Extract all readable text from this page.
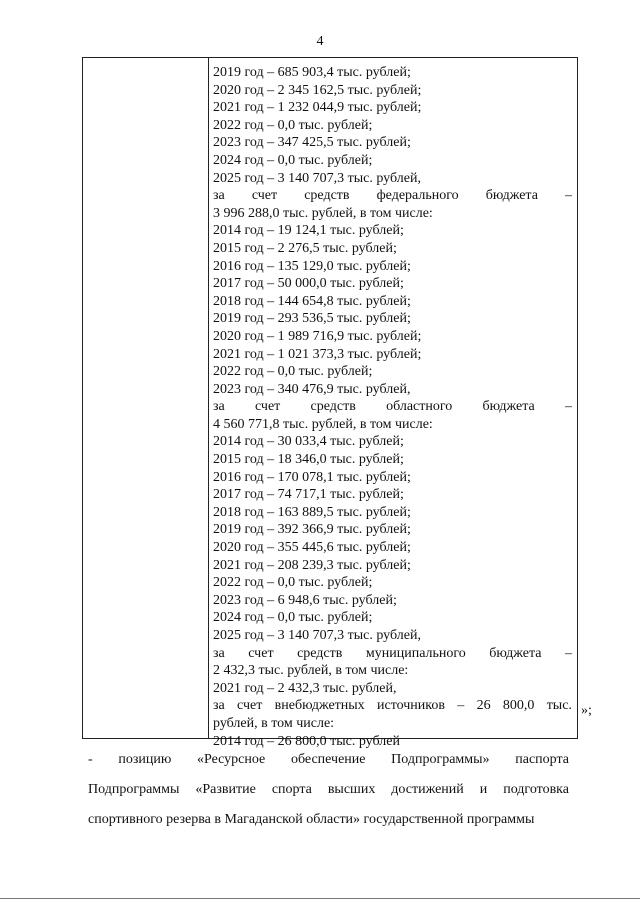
4
2019 год – 685 903,4 тыс. рублей;
2020 год – 2 345 162,5 тыс. рублей;
2021 год – 1 232 044,9 тыс. рублей;
2022 год – 0,0 тыс. рублей;
2023 год – 347 425,5 тыс. рублей;
2024 год – 0,0 тыс. рублей;
2025 год – 3 140 707,3 тыс. рублей,
за счет средств федерального бюджета –
3 996 288,0 тыс. рублей, в том числе:
2014 год – 19 124,1 тыс. рублей;
2015 год – 2 276,5 тыс. рублей;
2016 год – 135 129,0 тыс. рублей;
2017 год – 50 000,0 тыс. рублей;
2018 год – 144 654,8 тыс. рублей;
2019 год – 293 536,5 тыс. рублей;
2020 год – 1 989 716,9 тыс. рублей;
2021 год – 1 021 373,3 тыс. рублей;
2022 год – 0,0 тыс. рублей;
2023 год – 340 476,9 тыс. рублей,
за счет средств областного бюджета –
4 560 771,8 тыс. рублей, в том числе:
2014 год – 30 033,4 тыс. рублей;
2015 год – 18 346,0 тыс. рублей;
2016 год – 170 078,1 тыс. рублей;
2017 год – 74 717,1 тыс. рублей;
2018 год – 163 889,5 тыс. рублей;
2019 год – 392 366,9 тыс. рублей;
2020 год – 355 445,6 тыс. рублей;
2021 год – 208 239,3 тыс. рублей;
2022 год – 0,0 тыс. рублей;
2023 год – 6 948,6 тыс. рублей;
2024 год – 0,0 тыс. рублей;
2025 год – 3 140 707,3 тыс. рублей,
за счет средств муниципального бюджета –
2 432,3 тыс. рублей, в том числе:
2021 год – 2 432,3 тыс. рублей,
за счет внебюджетных источников – 26 800,0 тыс.
рублей, в том числе:
2014 год – 26 800,0 тыс. рублей
»;
- позицию «Ресурсное обеспечение Подпрограммы» паспорта
Подпрограммы «Развитие спорта высших достижений и подготовка
спортивного резерва в Магаданской области» государственной программы
